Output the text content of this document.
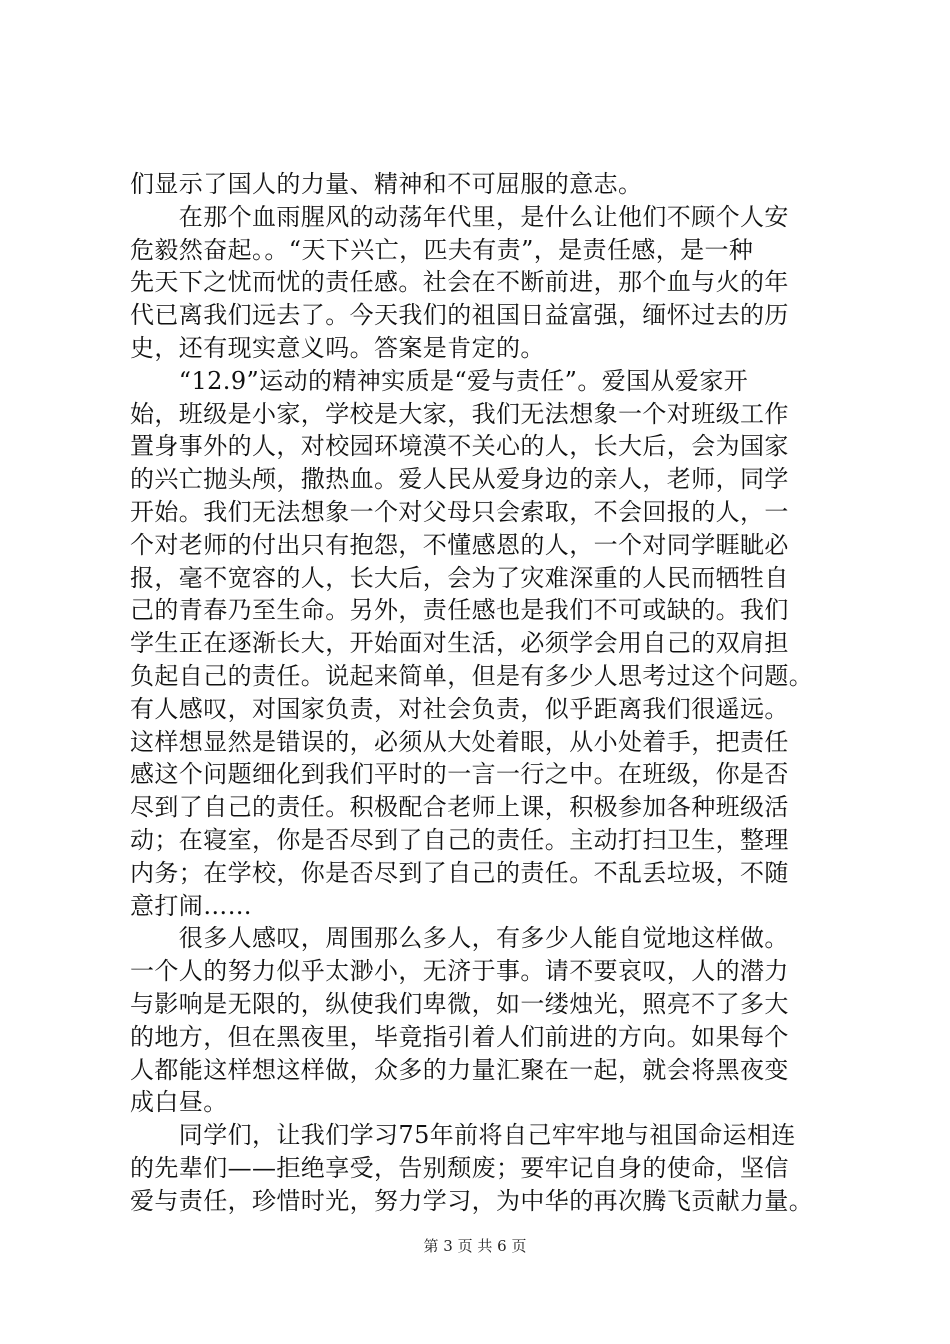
们显示了国人的力量、精神和不可屈服的意志。
　　在那个血雨腥风的动荡年代里，是什么让他们不顾个人安
危毅然奋起。。“天下兴亡，匹夫有责”，是责任感，是一种
先天下之忧而忧的责任感。社会在不断前进，那个血与火的年
代已离我们远去了。今天我们的祖国日益富强，缅怀过去的历
史，还有现实意义吗。答案是肯定的。
　　“12.9”运动的精神实质是“爱与责任”。爱国从爱家开
始，班级是小家，学校是大家，我们无法想象一个对班级工作
置身事外的人，对校园环境漠不关心的人，长大后，会为国家
的兴亡抛头颅，撒热血。爱人民从爱身边的亲人，老师，同学
开始。我们无法想象一个对父母只会索取，不会回报的人，一
个对老师的付出只有抱怨，不懂感恩的人，一个对同学睚眦必
报，毫不宽容的人，长大后，会为了灾难深重的人民而牺牲自
己的青春乃至生命。另外，责任感也是我们不可或缺的。我们
学生正在逐渐长大，开始面对生活，必须学会用自己的双肩担
负起自己的责任。说起来简单，但是有多少人思考过这个问题。
有人感叹，对国家负责，对社会负责，似乎距离我们很遥远。
这样想显然是错误的，必须从大处着眼，从小处着手，把责任
感这个问题细化到我们平时的一言一行之中。在班级，你是否
尽到了自己的责任。积极配合老师上课，积极参加各种班级活
动；在寝室，你是否尽到了自己的责任。主动打扫卫生，整理
内务；在学校，你是否尽到了自己的责任。不乱丢垃圾，不随
意打闹……
　　很多人感叹，周围那么多人，有多少人能自觉地这样做。
一个人的努力似乎太渺小，无济于事。请不要哀叹，人的潜力
与影响是无限的，纵使我们卑微，如一缕烛光，照亮不了多大
的地方，但在黑夜里，毕竟指引着人们前进的方向。如果每个
人都能这样想这样做，众多的力量汇聚在一起，就会将黑夜变
成白昼。
　　同学们，让我们学习75年前将自己牢牢地与祖国命运相连
的先辈们——拒绝享受，告别颓废；要牢记自身的使命，坚信
爱与责任，珍惜时光，努力学习，为中华的再次腾飞贡献力量。
第 3 页 共 6 页
